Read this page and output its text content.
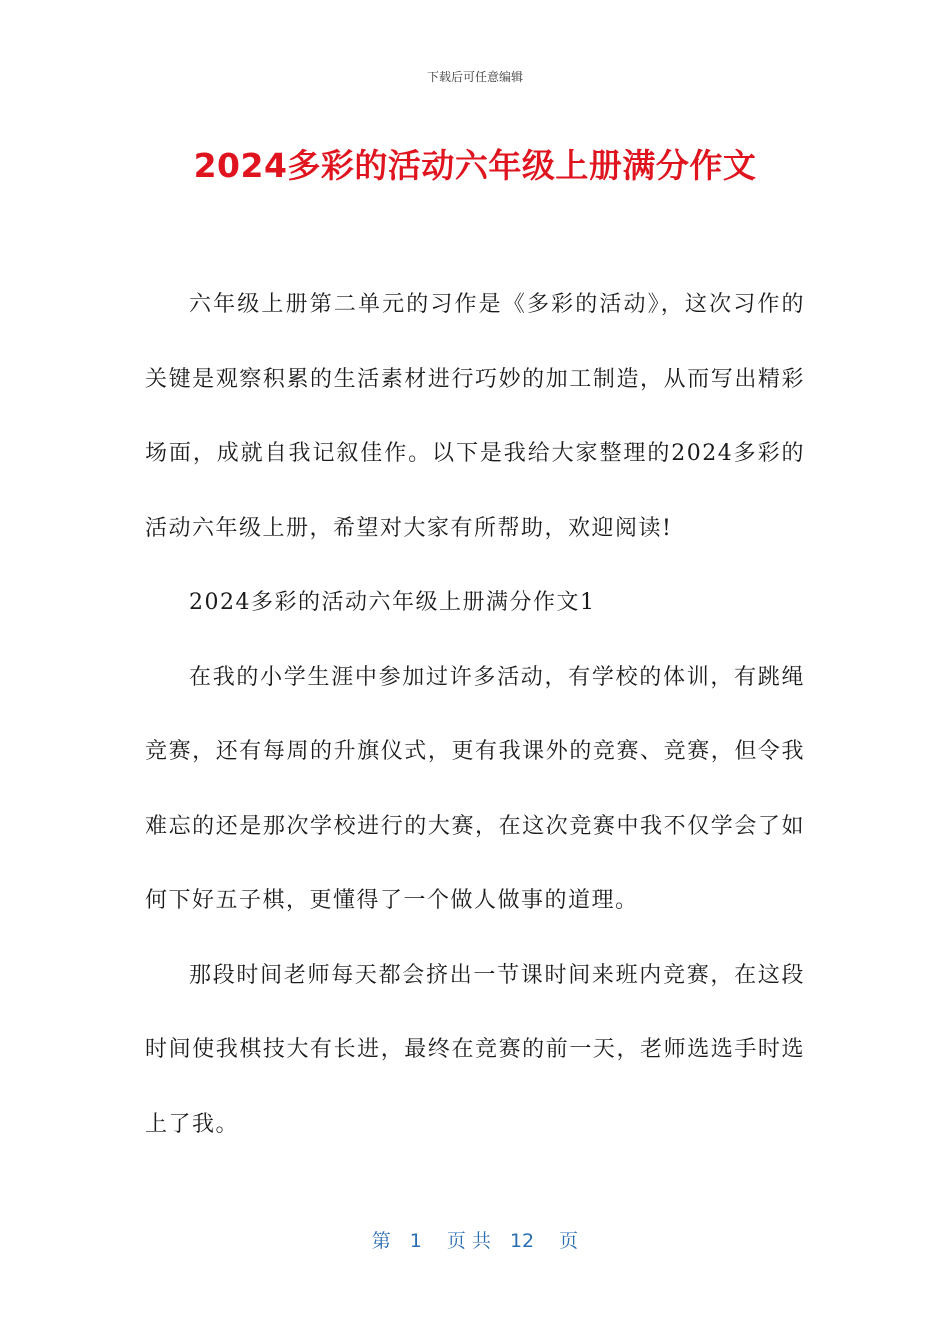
下载后可任意编辑
2024多彩的活动六年级上册满分作文

六年级上册第二单元的习作是《多彩的活动》，这次习作的关键是观察积累的生活素材进行巧妙的加工制造，从而写出精彩场面，成就自我记叙佳作。以下是我给大家整理的2024多彩的活动六年级上册，希望对大家有所帮助，欢迎阅读!

2024多彩的活动六年级上册满分作文1

在我的小学生涯中参加过许多活动，有学校的体训，有跳绳竞赛，还有每周的升旗仪式，更有我课外的竞赛、竞赛，但令我难忘的还是那次学校进行的大赛，在这次竞赛中我不仅学会了如何下好五子棋，更懂得了一个做人做事的道理。

那段时间老师每天都会挤出一节课时间来班内竞赛，在这段时间使我棋技大有长进，最终在竞赛的前一天，老师选选手时选上了我。

第　1　 页 共　12　 页
